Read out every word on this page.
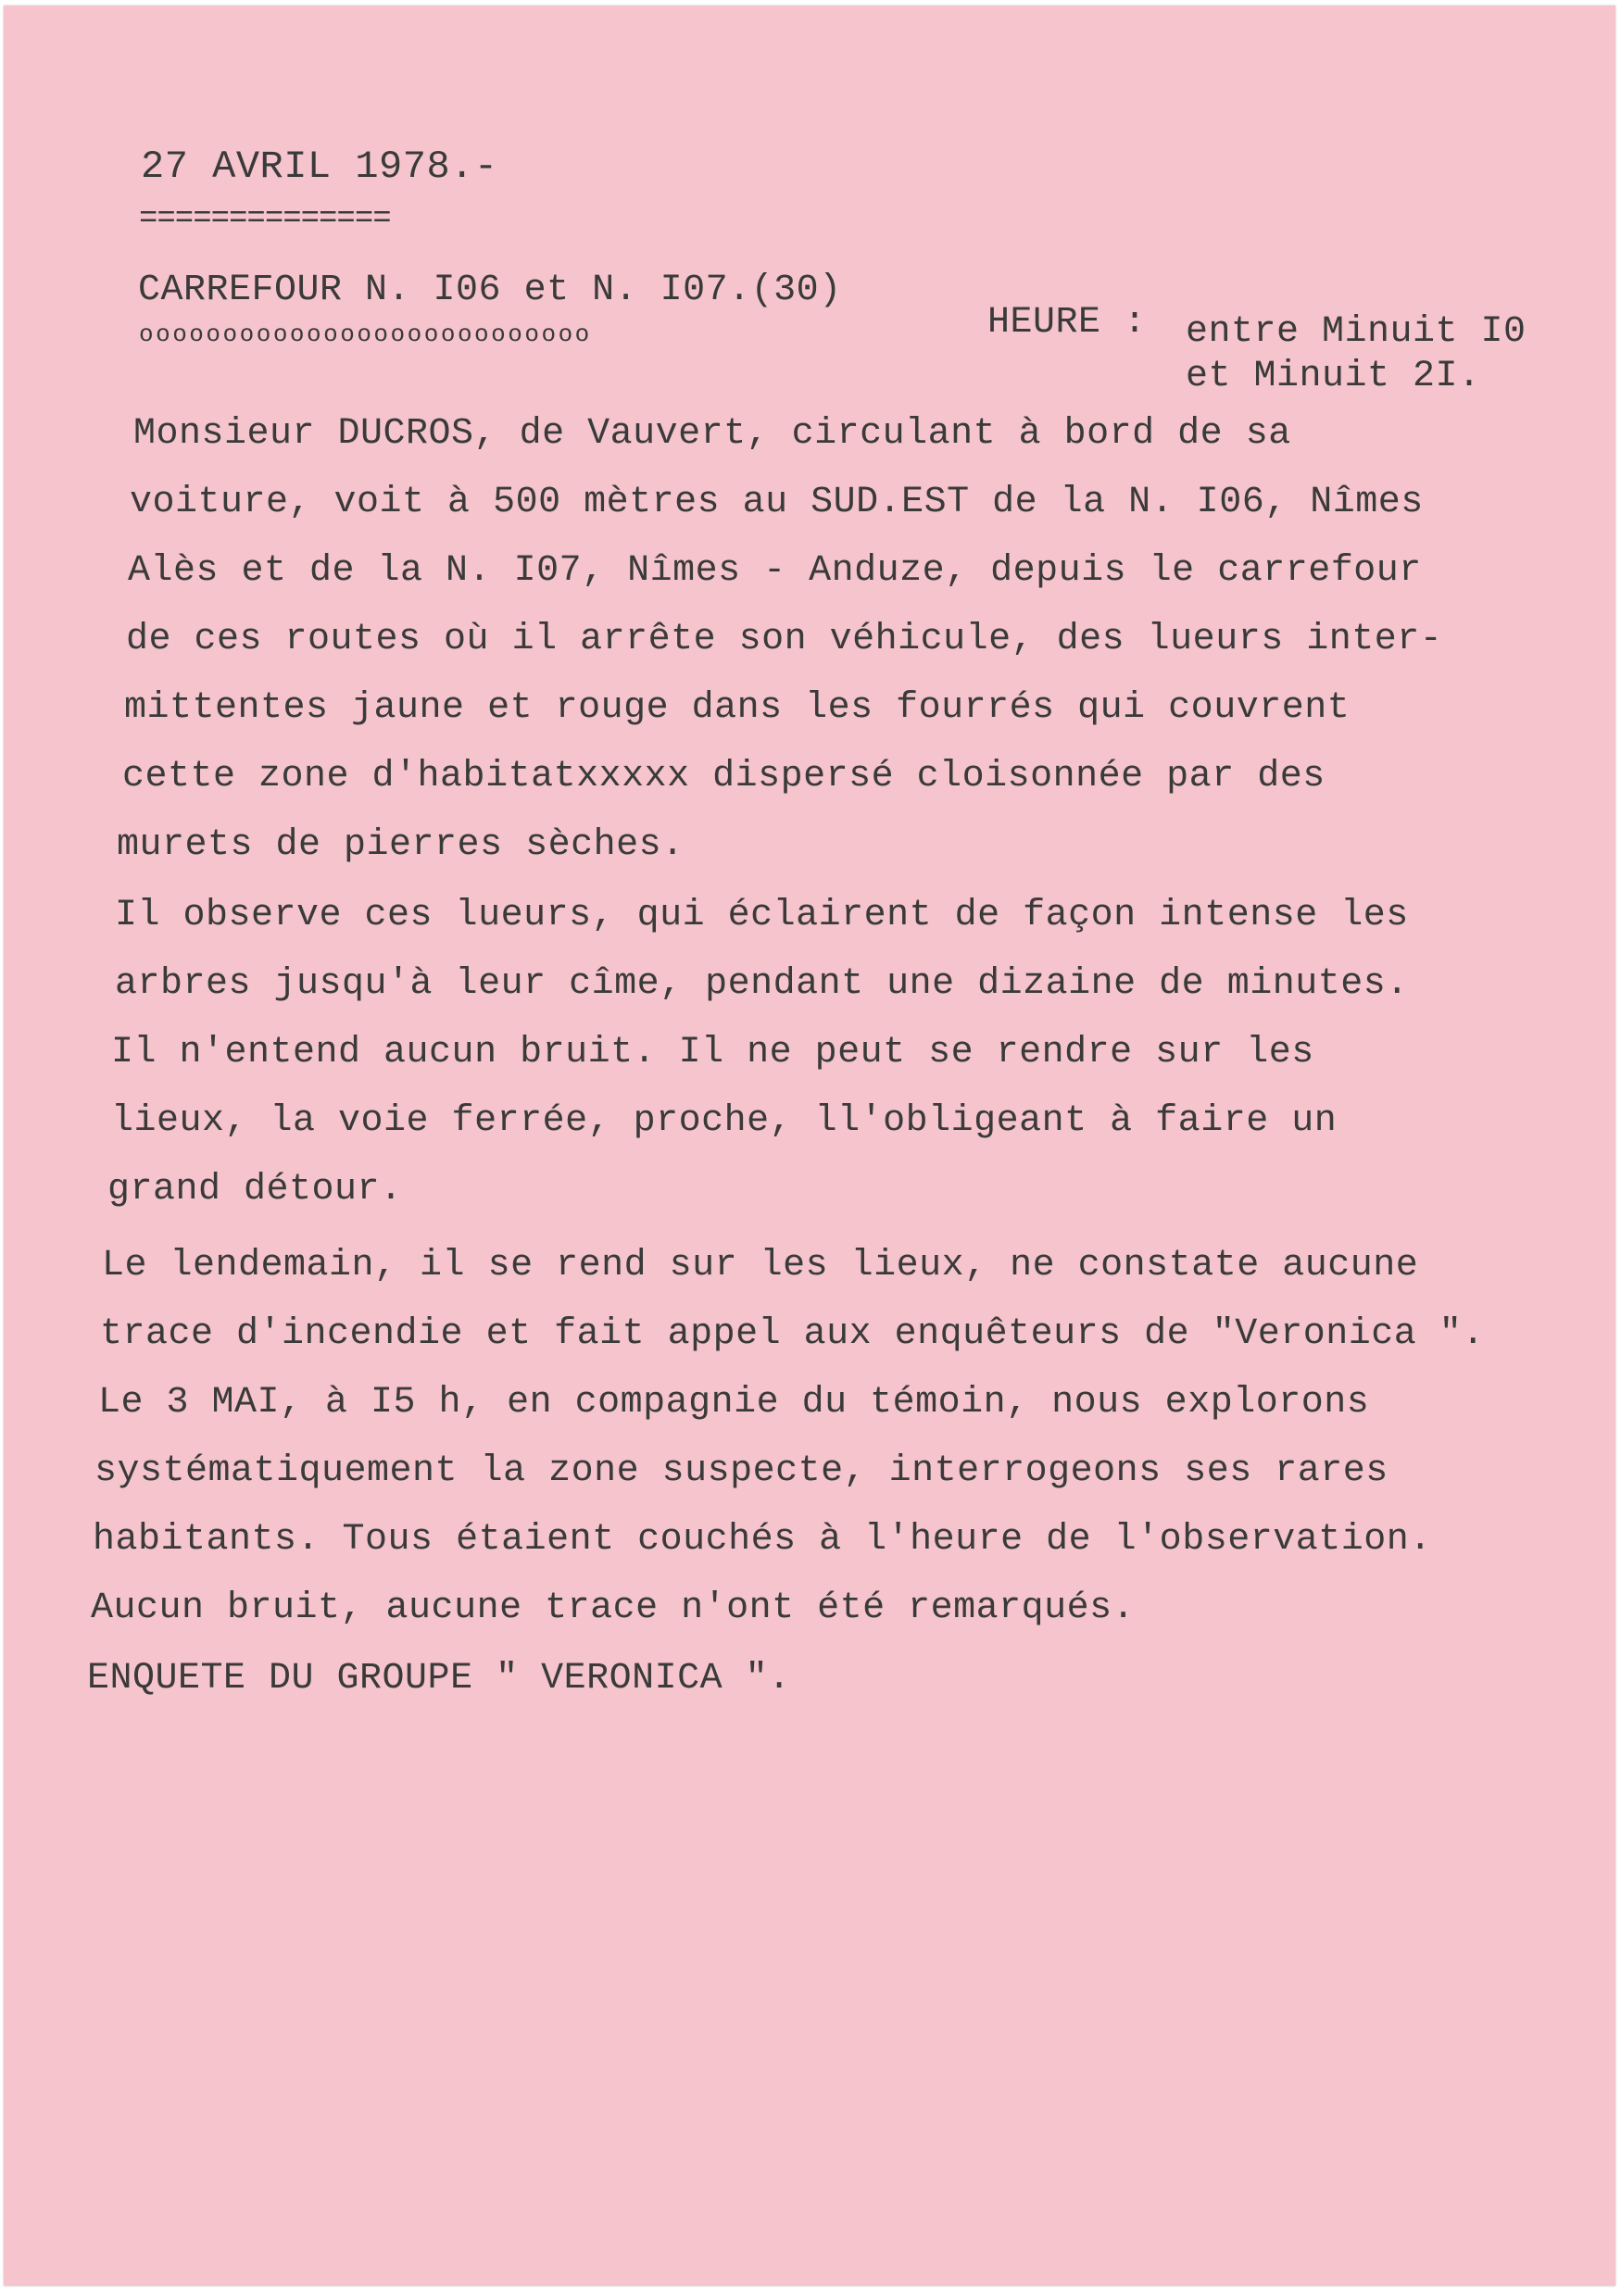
27 AVRIL 1978.-
==============
CARREFOUR N. I06 et N. I07.(30)
ooooooooooooooooooooooooooo	HEURE : entre Minuit I0
et Minuit 2I.
Monsieur DUCROS, de Vauvert, circulant à bord de sa
voiture, voit à 500 mètres au SUD.EST de la N. I06, Nîmes
Alès et de la N. I07, Nîmes - Anduze, depuis le carrefour
de ces routes où il arrête son véhicule, des lueurs inter-
mittentes jaune et rouge dans les fourrés qui couvrent
cette zone d'habitatxxxxx dispersé cloisonnée par des
murets de pierres sèches.
Il observe ces lueurs, qui éclairent de façon intense les
arbres jusqu'à leur cîme, pendant une dizaine de minutes.
Il n'entend aucun bruit. Il ne peut se rendre sur les
lieux, la voie ferrée, proche, ll'obligeant à faire un
grand détour.
Le lendemain, il se rend sur les lieux, ne constate aucune
trace d'incendie et fait appel aux enquêteurs de "Veronica ".
Le 3 MAI, à I5 h, en compagnie du témoin, nous explorons
systématiquement la zone suspecte, interrogeons ses rares
habitants. Tous étaient couchés à l'heure de l'observation.
Aucun bruit, aucune trace n'ont été remarqués.
ENQUETE DU GROUPE " VERONICA ".
